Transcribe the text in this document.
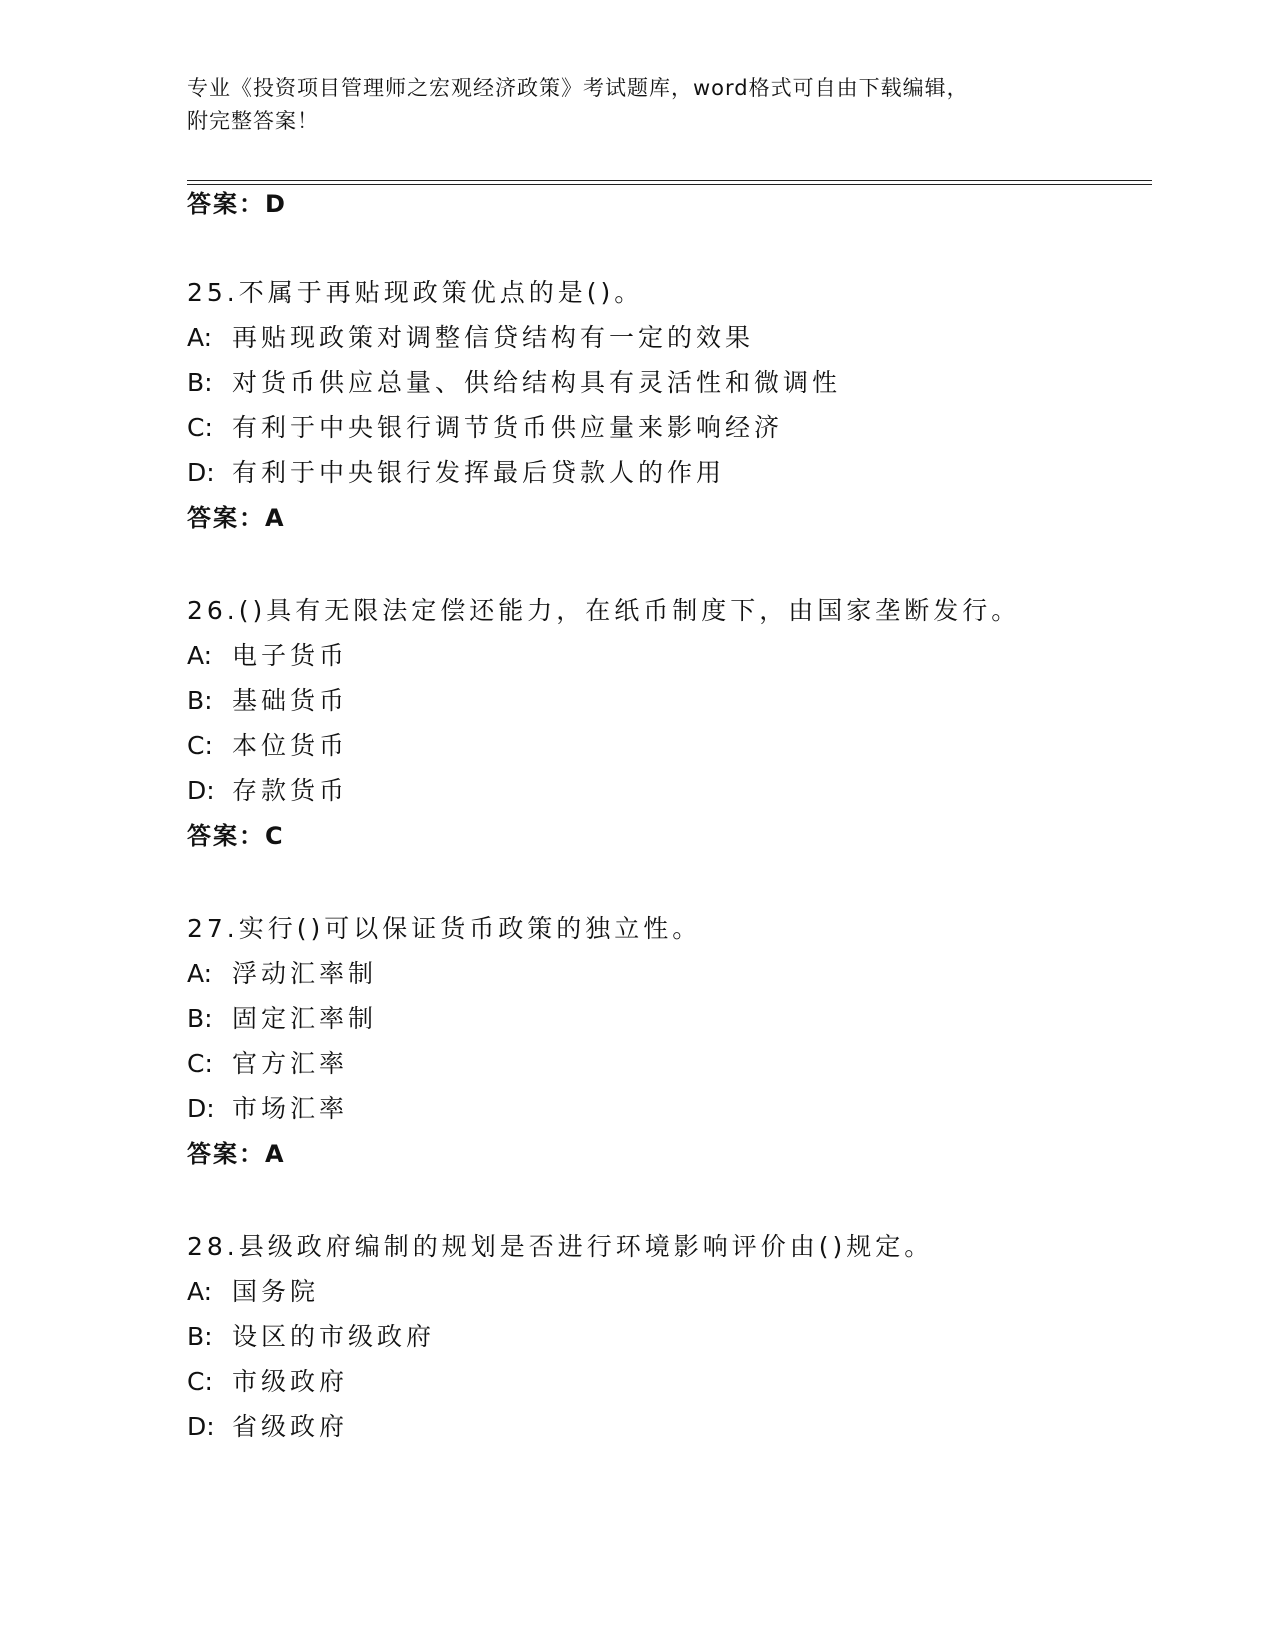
专业《投资项目管理师之宏观经济政策》考试题库，word格式可自由下载编辑，
附完整答案！
答案：D
25.不属于再贴现政策优点的是()。
A: 再贴现政策对调整信贷结构有一定的效果
B: 对货币供应总量、供给结构具有灵活性和微调性
C: 有利于中央银行调节货币供应量来影响经济
D: 有利于中央银行发挥最后贷款人的作用
答案：A
26.()具有无限法定偿还能力，在纸币制度下，由国家垄断发行。
A: 电子货币
B: 基础货币
C: 本位货币
D: 存款货币
答案：C
27.实行()可以保证货币政策的独立性。
A: 浮动汇率制
B: 固定汇率制
C: 官方汇率
D: 市场汇率
答案：A
28.县级政府编制的规划是否进行环境影响评价由()规定。
A: 国务院
B: 设区的市级政府
C: 市级政府
D: 省级政府
